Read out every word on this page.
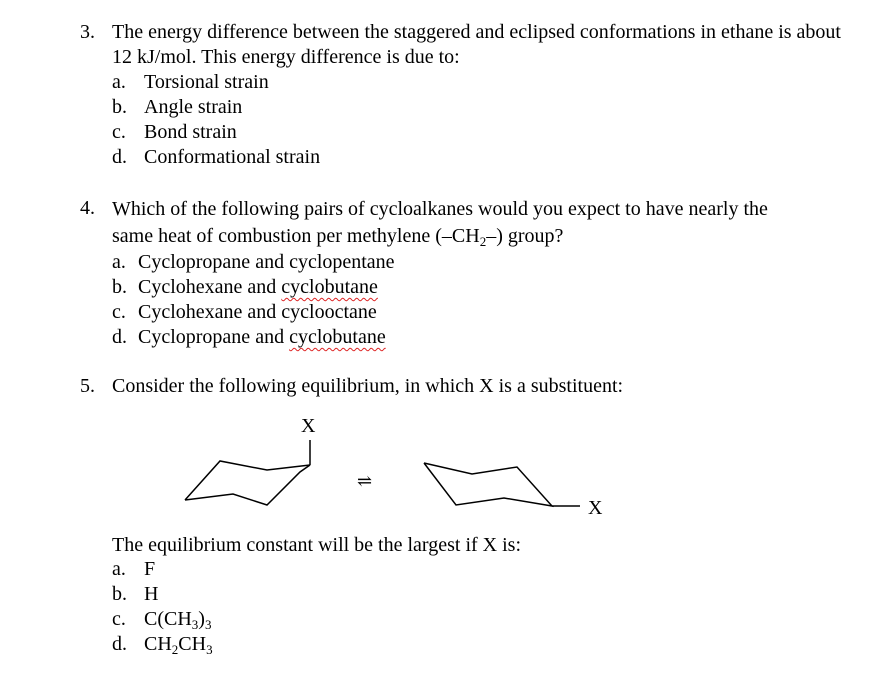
3. The energy difference between the staggered and eclipsed conformations in ethane is about 12 kJ/mol. This energy difference is due to:
a. Torsional strain
b. Angle strain
c. Bond strain
d. Conformational strain
4. Which of the following pairs of cycloalkanes would you expect to have nearly the
same heat of combustion per methylene $(-CH_2-)$ group?
a. Cyclopropane and cyclopentane
b. Cyclohexane and cyclobutane
c. Cyclohexane and cyclooctane
d. Cyclopropane and cyclobutane
5. Consider the following equilibrium, in which X is a substituent:
X
⇌
X
The equilibrium constant will be the largest if X is:
a. F
b. H
c. $C(CH_3)_3$
d. $CH_2CH_3$
